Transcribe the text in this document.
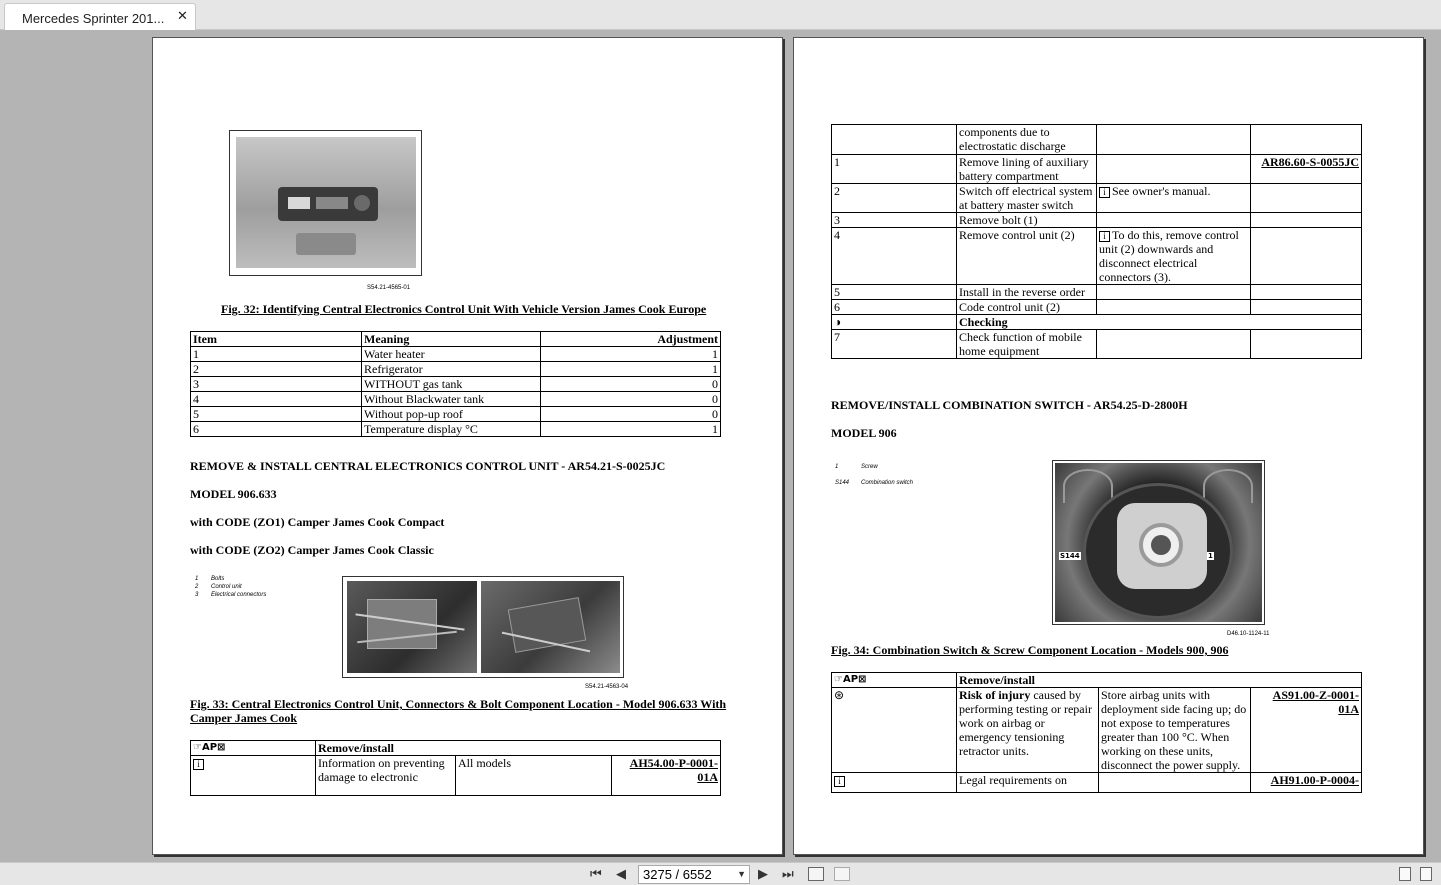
Mercedes Sprinter 201... ✕
S54.21-4565-01
Fig. 32: Identifying Central Electronics Control Unit With Vehicle Version James Cook Europe
Item	Meaning	Adjustment
1	Water heater	1
2	Refrigerator	1
3	WITHOUT gas tank	0
4	Without Blackwater tank	0
5	Without pop-up roof	0
6	Temperature display °C	1
REMOVE & INSTALL CENTRAL ELECTRONICS CONTROL UNIT - AR54.21-S-0025JC
MODEL 906.633
with CODE (ZO1) Camper James Cook Compact
with CODE (ZO2) Camper James Cook Classic
1 Bolts
2 Control unit
3 Electrical connectors
S54.21-4563-04
Fig. 33: Central Electronics Control Unit, Connectors & Bolt Component Location - Model 906.633 With
Camper James Cook
☞AP⊠	Remove/install		
i	Information on preventing damage to electronic	All models	AH54.00-P-0001-
01A
	components due to electrostatic discharge		
1	Remove lining of auxiliary battery compartment		AR86.60-S-0055JC
2	Switch off electrical system at battery master switch	i See owner's manual.	
3	Remove bolt (1)		
4	Remove control unit (2)	i To do this, remove control unit (2) downwards and disconnect electrical connectors (3).	
5	Install in the reverse order		
6	Code control unit (2)		
◑	Checking		
7	Check function of mobile home equipment		
REMOVE/INSTALL COMBINATION SWITCH - AR54.25-D-2800H
MODEL 906
1	Screw
S144 Combination switch
S144	1
D46.10-1124-11
Fig. 34: Combination Switch & Screw Component Location - Models 900, 906
☞AP⊠	Remove/install		
⊛	Risk of injury caused by performing testing or repair work on airbag or emergency tensioning retractor units.	Store airbag units with deployment side facing up; do not expose to temperatures greater than 100 °C. When working on these units, disconnect the power supply.	AS91.00-Z-0001-
01A
i	Legal requirements on		AH91.00-P-0004-
⏮ ◀	3275 / 6552	▼ ▶ ⏭
